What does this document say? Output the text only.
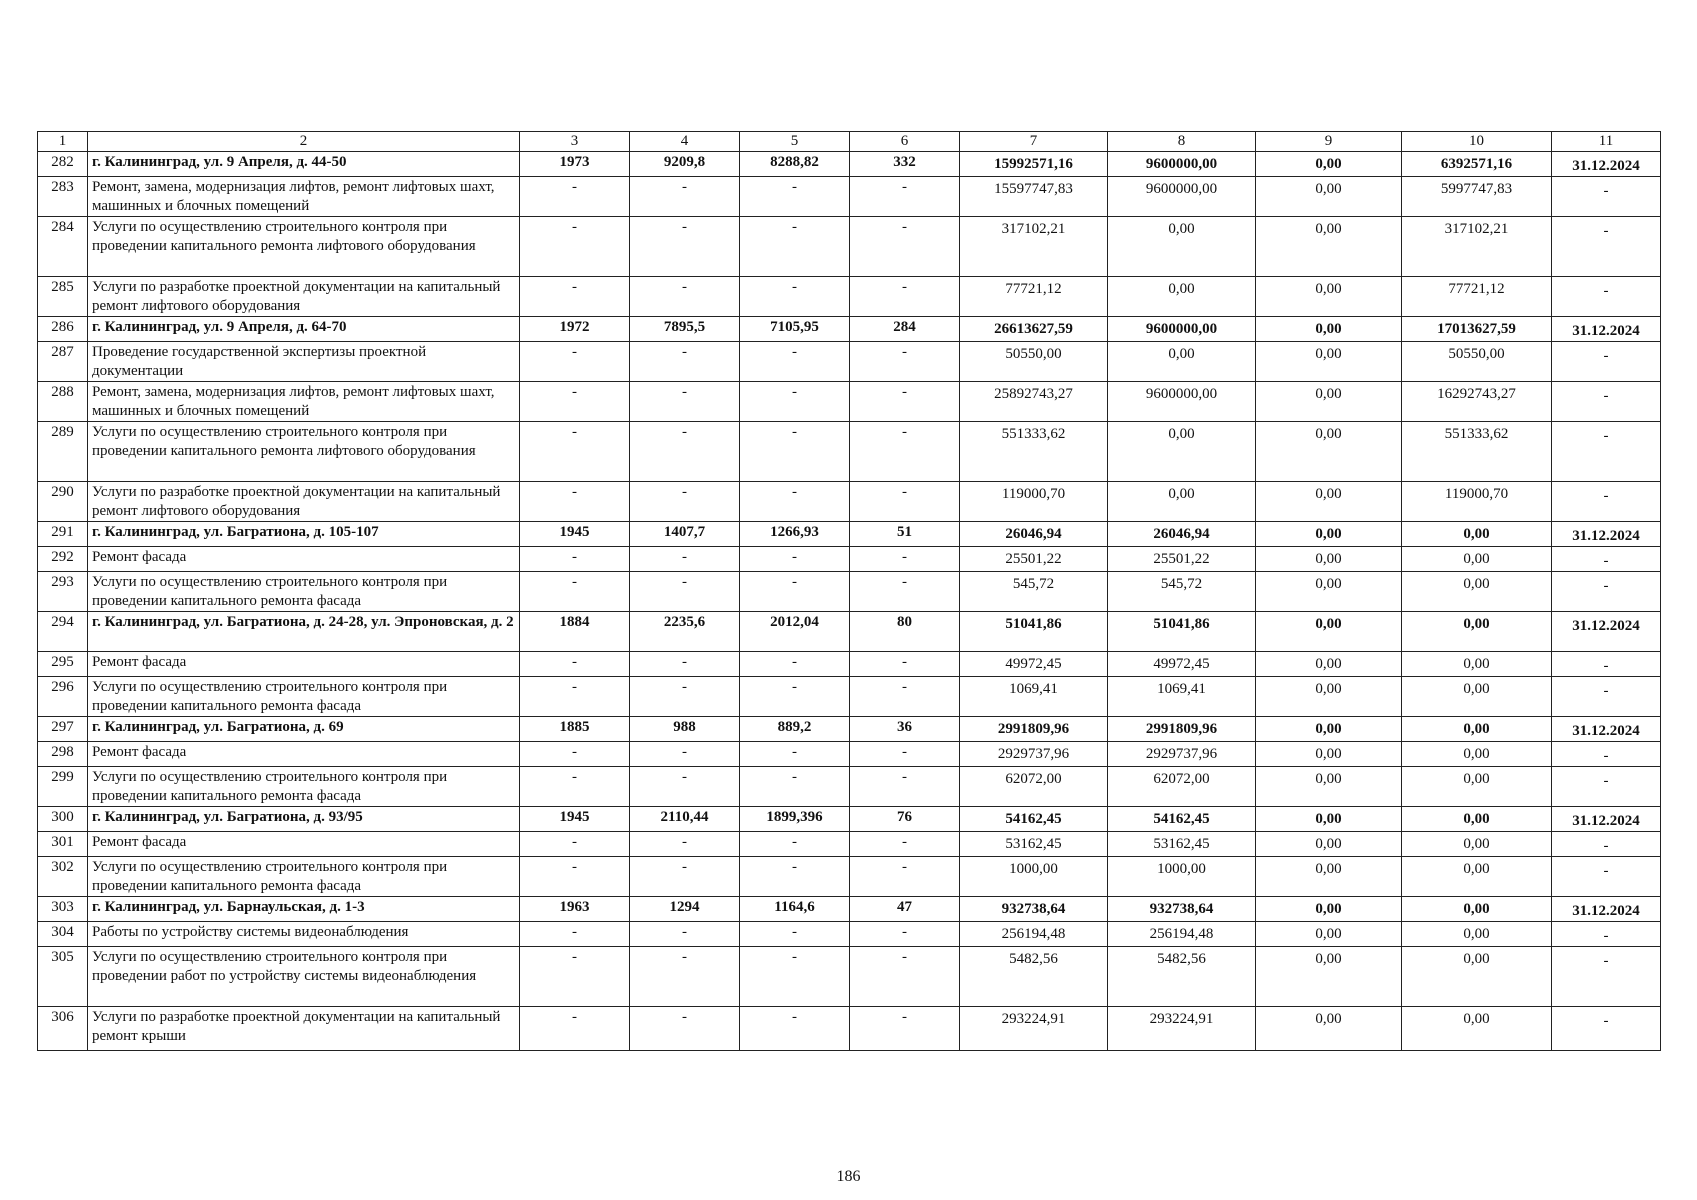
1	2	3	4	5	6	7	8	9	10	11
282	г. Калининград, ул. 9 Апреля, д. 44-50	1973	9209,8	8288,82	332	15992571,16	9600000,00	0,00	6392571,16	31.12.2024
283	Ремонт, замена, модернизация лифтов, ремонт лифтовых шахт, машинных и блочных помещений	-	-	-	-	15597747,83	9600000,00	0,00	5997747,83	-
284	Услуги по осуществлению строительного контроля при проведении капитального ремонта лифтового оборудования	-	-	-	-	317102,21	0,00	0,00	317102,21	-
285	Услуги по разработке проектной документации на капитальный ремонт лифтового оборудования	-	-	-	-	77721,12	0,00	0,00	77721,12	-
286	г. Калининград, ул. 9 Апреля, д. 64-70	1972	7895,5	7105,95	284	26613627,59	9600000,00	0,00	17013627,59	31.12.2024
287	Проведение государственной экспертизы проектной документации	-	-	-	-	50550,00	0,00	0,00	50550,00	-
288	Ремонт, замена, модернизация лифтов, ремонт лифтовых шахт, машинных и блочных помещений	-	-	-	-	25892743,27	9600000,00	0,00	16292743,27	-
289	Услуги по осуществлению строительного контроля при проведении капитального ремонта лифтового оборудования	-	-	-	-	551333,62	0,00	0,00	551333,62	-
290	Услуги по разработке проектной документации на капитальный ремонт лифтового оборудования	-	-	-	-	119000,70	0,00	0,00	119000,70	-
291	г. Калининград, ул. Багратиона, д. 105-107	1945	1407,7	1266,93	51	26046,94	26046,94	0,00	0,00	31.12.2024
292	Ремонт фасада	-	-	-	-	25501,22	25501,22	0,00	0,00	-
293	Услуги по осуществлению строительного контроля при проведении капитального ремонта фасада	-	-	-	-	545,72	545,72	0,00	0,00	-
294	г. Калининград, ул. Багратиона, д. 24-28, ул. Эпроновская, д. 2	1884	2235,6	2012,04	80	51041,86	51041,86	0,00	0,00	31.12.2024
295	Ремонт фасада	-	-	-	-	49972,45	49972,45	0,00	0,00	-
296	Услуги по осуществлению строительного контроля при проведении капитального ремонта фасада	-	-	-	-	1069,41	1069,41	0,00	0,00	-
297	г. Калининград, ул. Багратиона, д. 69	1885	988	889,2	36	2991809,96	2991809,96	0,00	0,00	31.12.2024
298	Ремонт фасада	-	-	-	-	2929737,96	2929737,96	0,00	0,00	-
299	Услуги по осуществлению строительного контроля при проведении капитального ремонта фасада	-	-	-	-	62072,00	62072,00	0,00	0,00	-
300	г. Калининград, ул. Багратиона, д. 93/95	1945	2110,44	1899,396	76	54162,45	54162,45	0,00	0,00	31.12.2024
301	Ремонт фасада	-	-	-	-	53162,45	53162,45	0,00	0,00	-
302	Услуги по осуществлению строительного контроля при проведении капитального ремонта фасада	-	-	-	-	1000,00	1000,00	0,00	0,00	-
303	г. Калининград, ул. Барнаульская, д. 1-3	1963	1294	1164,6	47	932738,64	932738,64	0,00	0,00	31.12.2024
304	Работы по устройству системы видеонаблюдения	-	-	-	-	256194,48	256194,48	0,00	0,00	-
305	Услуги по осуществлению строительного контроля при проведении работ по устройству системы видеонаблюдения	-	-	-	-	5482,56	5482,56	0,00	0,00	-
306	Услуги по разработке проектной документации на капитальный ремонт крыши	-	-	-	-	293224,91	293224,91	0,00	0,00	-
186
